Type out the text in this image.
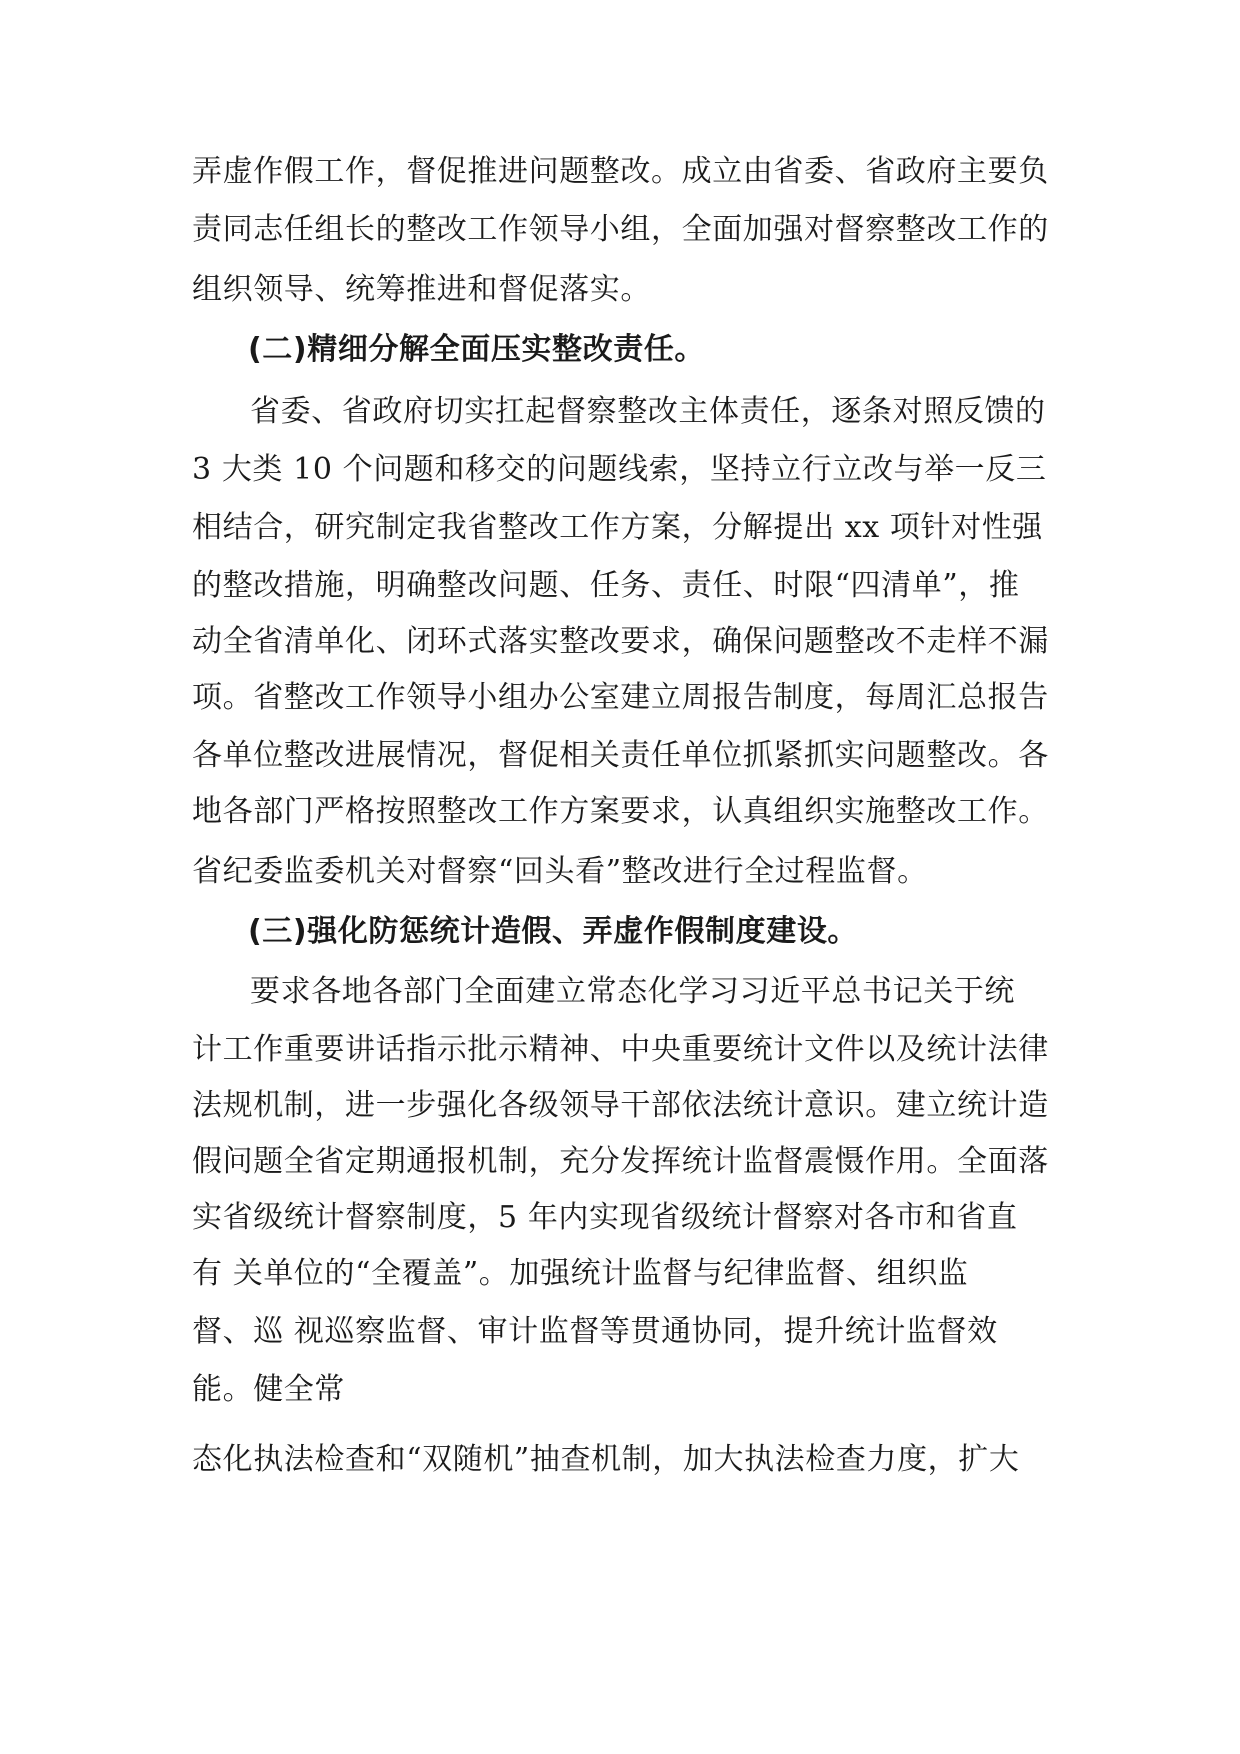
弄虚作假工作，督促推进问题整改。成立由省委、省政府主要负
责同志任组长的整改工作领导小组，全面加强对督察整改工作的
组织领导、统筹推进和督促落实。
(二)精细分解全面压实整改责任。
省委、省政府切实扛起督察整改主体责任，逐条对照反馈的
3 大类 10 个问题和移交的问题线索，坚持立行立改与举一反三
相结合，研究制定我省整改工作方案，分解提出 xx 项针对性强
的整改措施，明确整改问题、任务、责任、时限“四清单”，推
动全省清单化、闭环式落实整改要求，确保问题整改不走样不漏
项。省整改工作领导小组办公室建立周报告制度，每周汇总报告
各单位整改进展情况，督促相关责任单位抓紧抓实问题整改。各
地各部门严格按照整改工作方案要求，认真组织实施整改工作。
省纪委监委机关对督察“回头看”整改进行全过程监督。
(三)强化防惩统计造假、弄虚作假制度建设。
要求各地各部门全面建立常态化学习习近平总书记关于统
计工作重要讲话指示批示精神、中央重要统计文件以及统计法律
法规机制，进一步强化各级领导干部依法统计意识。建立统计造
假问题全省定期通报机制，充分发挥统计监督震慑作用。全面落
实省级统计督察制度，5 年内实现省级统计督察对各市和省直
有 关单位的“全覆盖”。加强统计监督与纪律监督、组织监
督、巡 视巡察监督、审计监督等贯通协同，提升统计监督效
能。健全常
态化执法检查和“双随机”抽查机制，加大执法检查力度，扩大
